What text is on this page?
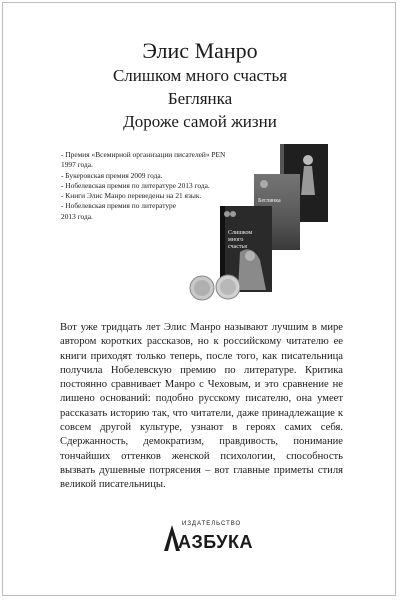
Элис Манро
Слишком много счастья
Беглянка
Дороже самой жизни
- Премия «Всемирной организации писателей» PEN 1997 года.
- Букеровская премия 2009 года.
- Нобелевская премия по литературе 2013 года.
- Книги Элис Манро переведены на 21 язык.
- Нобелевская премия по литературе 2013 года.
Беглянка
Слишком
много
счастья
Вот уже тридцать лет Элис Манро называют лучшим в мире автором коротких рассказов, но к российскому читателю ее книги приходят только теперь, после того, как писательница получила Нобелевскую премию по литературе. Критика постоянно сравнивает Манро с Чеховым, и это сравнение не лишено оснований: подобно русскому писателю, она умеет рассказать историю так, что читатели, даже принадлежащие к совсем другой культуре, узнают в героях самих себя. Сдержанность, демократизм, правдивость, понимание тончайших оттенков женской психологии, способность вызвать душевные потрясения – вот главные приметы стиля великой писательницы.
ИЗДАТЕЛЬСТВО
АЗБУКА
